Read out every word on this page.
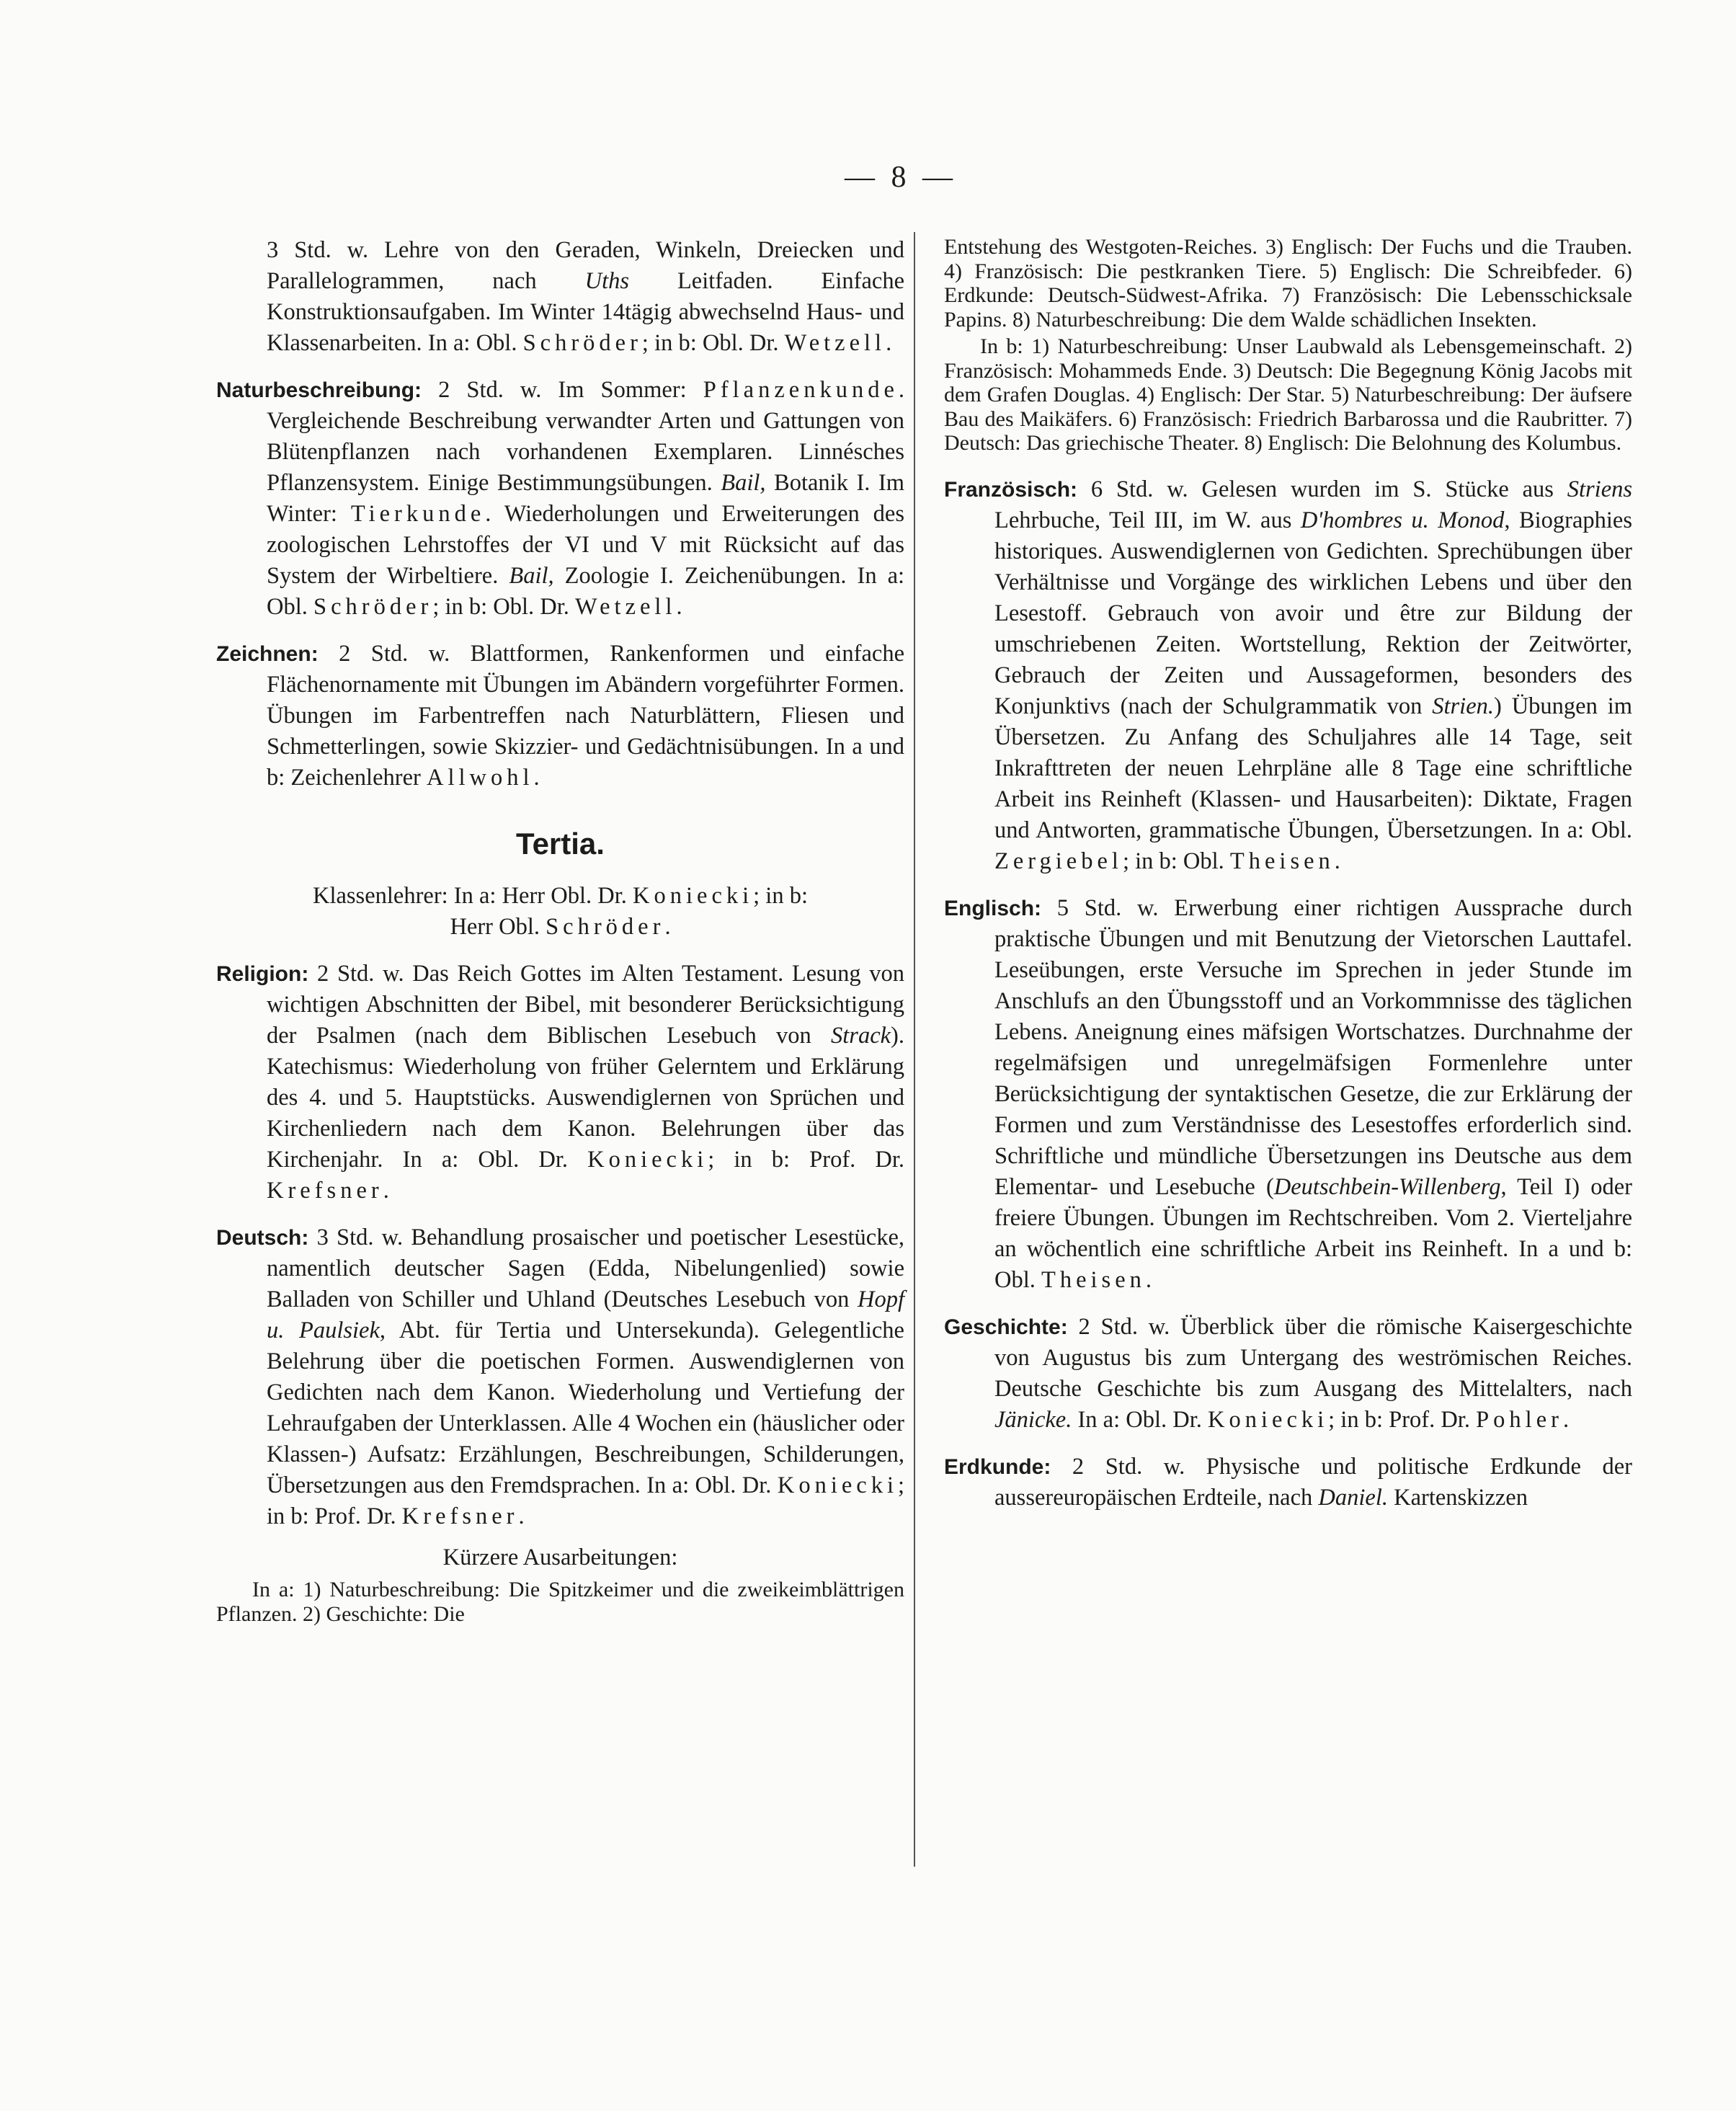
— 8 —

3 Std. w. Lehre von den Geraden, Winkeln, Dreiecken und Parallelogrammen, nach Uths Leitfaden. Einfache Konstruktionsaufgaben. Im Winter 14tägig abwechselnd Haus- und Klassenarbeiten. In a: Obl. Schröder; in b: Obl. Dr. Wetzell.

Naturbeschreibung: 2 Std. w. Im Sommer: Pflanzenkunde. Vergleichende Beschreibung verwandter Arten und Gattungen von Blütenpflanzen nach vorhandenen Exemplaren. Linnésches Pflanzensystem. Einige Bestimmungsübungen. Bail, Botanik I. Im Winter: Tierkunde. Wiederholungen und Erweiterungen des zoologischen Lehrstoffes der VI und V mit Rücksicht auf das System der Wirbeltiere. Bail, Zoologie I. Zeichenübungen. In a: Obl. Schröder; in b: Obl. Dr. Wetzell.

Zeichnen: 2 Std. w. Blattformen, Rankenformen und einfache Flächenornamente mit Übungen im Abändern vorgeführter Formen. Übungen im Farbentreffen nach Naturblättern, Fliesen und Schmetterlingen, sowie Skizzier- und Gedächtnisübungen. In a und b: Zeichenlehrer Allwohl.

Tertia.

Klassenlehrer: In a: Herr Obl. Dr. Koniecki; in b:
Herr Obl. Schröder.

Religion: 2 Std. w. Das Reich Gottes im Alten Testament. Lesung von wichtigen Abschnitten der Bibel, mit besonderer Berücksichtigung der Psalmen (nach dem Biblischen Lesebuch von Strack). Katechismus: Wiederholung von früher Gelerntem und Erklärung des 4. und 5. Hauptstücks. Auswendiglernen von Sprüchen und Kirchenliedern nach dem Kanon. Belehrungen über das Kirchenjahr. In a: Obl. Dr. Koniecki; in b: Prof. Dr. Krefsner.

Deutsch: 3 Std. w. Behandlung prosaischer und poetischer Lesestücke, namentlich deutscher Sagen (Edda, Nibelungenlied) sowie Balladen von Schiller und Uhland (Deutsches Lesebuch von Hopf u. Paulsiek, Abt. für Tertia und Untersekunda). Gelegentliche Belehrung über die poetischen Formen. Auswendiglernen von Gedichten nach dem Kanon. Wiederholung und Vertiefung der Lehraufgaben der Unterklassen. Alle 4 Wochen ein (häuslicher oder Klassen-) Aufsatz: Erzählungen, Beschreibungen, Schilderungen, Übersetzungen aus den Fremdsprachen. In a: Obl. Dr. Koniecki; in b: Prof. Dr. Krefsner.

Kürzere Ausarbeitungen:

In a: 1) Naturbeschreibung: Die Spitzkeimer und die zweikeimblättrigen Pflanzen. 2) Geschichte: Die

Entstehung des Westgoten-Reiches. 3) Englisch: Der Fuchs und die Trauben. 4) Französisch: Die pestkranken Tiere. 5) Englisch: Die Schreibfeder. 6) Erdkunde: Deutsch-Südwest-Afrika. 7) Französisch: Die Lebensschicksale Papins. 8) Naturbeschreibung: Die dem Walde schädlichen Insekten.

In b: 1) Naturbeschreibung: Unser Laubwald als Lebensgemeinschaft. 2) Französisch: Mohammeds Ende. 3) Deutsch: Die Begegnung König Jacobs mit dem Grafen Douglas. 4) Englisch: Der Star. 5) Naturbeschreibung: Der äufsere Bau des Maikäfers. 6) Französisch: Friedrich Barbarossa und die Raubritter. 7) Deutsch: Das griechische Theater. 8) Englisch: Die Belohnung des Kolumbus.

Französisch: 6 Std. w. Gelesen wurden im S. Stücke aus Striens Lehrbuche, Teil III, im W. aus D'hombres u. Monod, Biographies historiques. Auswendiglernen von Gedichten. Sprechübungen über Verhältnisse und Vorgänge des wirklichen Lebens und über den Lesestoff. Gebrauch von avoir und être zur Bildung der umschriebenen Zeiten. Wortstellung, Rektion der Zeitwörter, Gebrauch der Zeiten und Aussageformen, besonders des Konjunktivs (nach der Schulgrammatik von Strien.) Übungen im Übersetzen. Zu Anfang des Schuljahres alle 14 Tage, seit Inkrafttreten der neuen Lehrpläne alle 8 Tage eine schriftliche Arbeit ins Reinheft (Klassen- und Hausarbeiten): Diktate, Fragen und Antworten, grammatische Übungen, Übersetzungen. In a: Obl. Zergiebel; in b: Obl. Theisen.

Englisch: 5 Std. w. Erwerbung einer richtigen Aussprache durch praktische Übungen und mit Benutzung der Vietorschen Lauttafel. Leseübungen, erste Versuche im Sprechen in jeder Stunde im Anschlufs an den Übungsstoff und an Vorkommnisse des täglichen Lebens. Aneignung eines mäfsigen Wortschatzes. Durchnahme der regelmäfsigen und unregelmäfsigen Formenlehre unter Berücksichtigung der syntaktischen Gesetze, die zur Erklärung der Formen und zum Verständnisse des Lesestoffes erforderlich sind. Schriftliche und mündliche Übersetzungen ins Deutsche aus dem Elementar- und Lesebuche (Deutschbein-Willenberg, Teil I) oder freiere Übungen. Übungen im Rechtschreiben. Vom 2. Vierteljahre an wöchentlich eine schriftliche Arbeit ins Reinheft. In a und b: Obl. Theisen.

Geschichte: 2 Std. w. Überblick über die römische Kaisergeschichte von Augustus bis zum Untergang des weströmischen Reiches. Deutsche Geschichte bis zum Ausgang des Mittelalters, nach Jänicke. In a: Obl. Dr. Koniecki; in b: Prof. Dr. Pohler.

Erdkunde: 2 Std. w. Physische und politische Erdkunde der aussereuropäischen Erdteile, nach Daniel. Kartenskizzen
